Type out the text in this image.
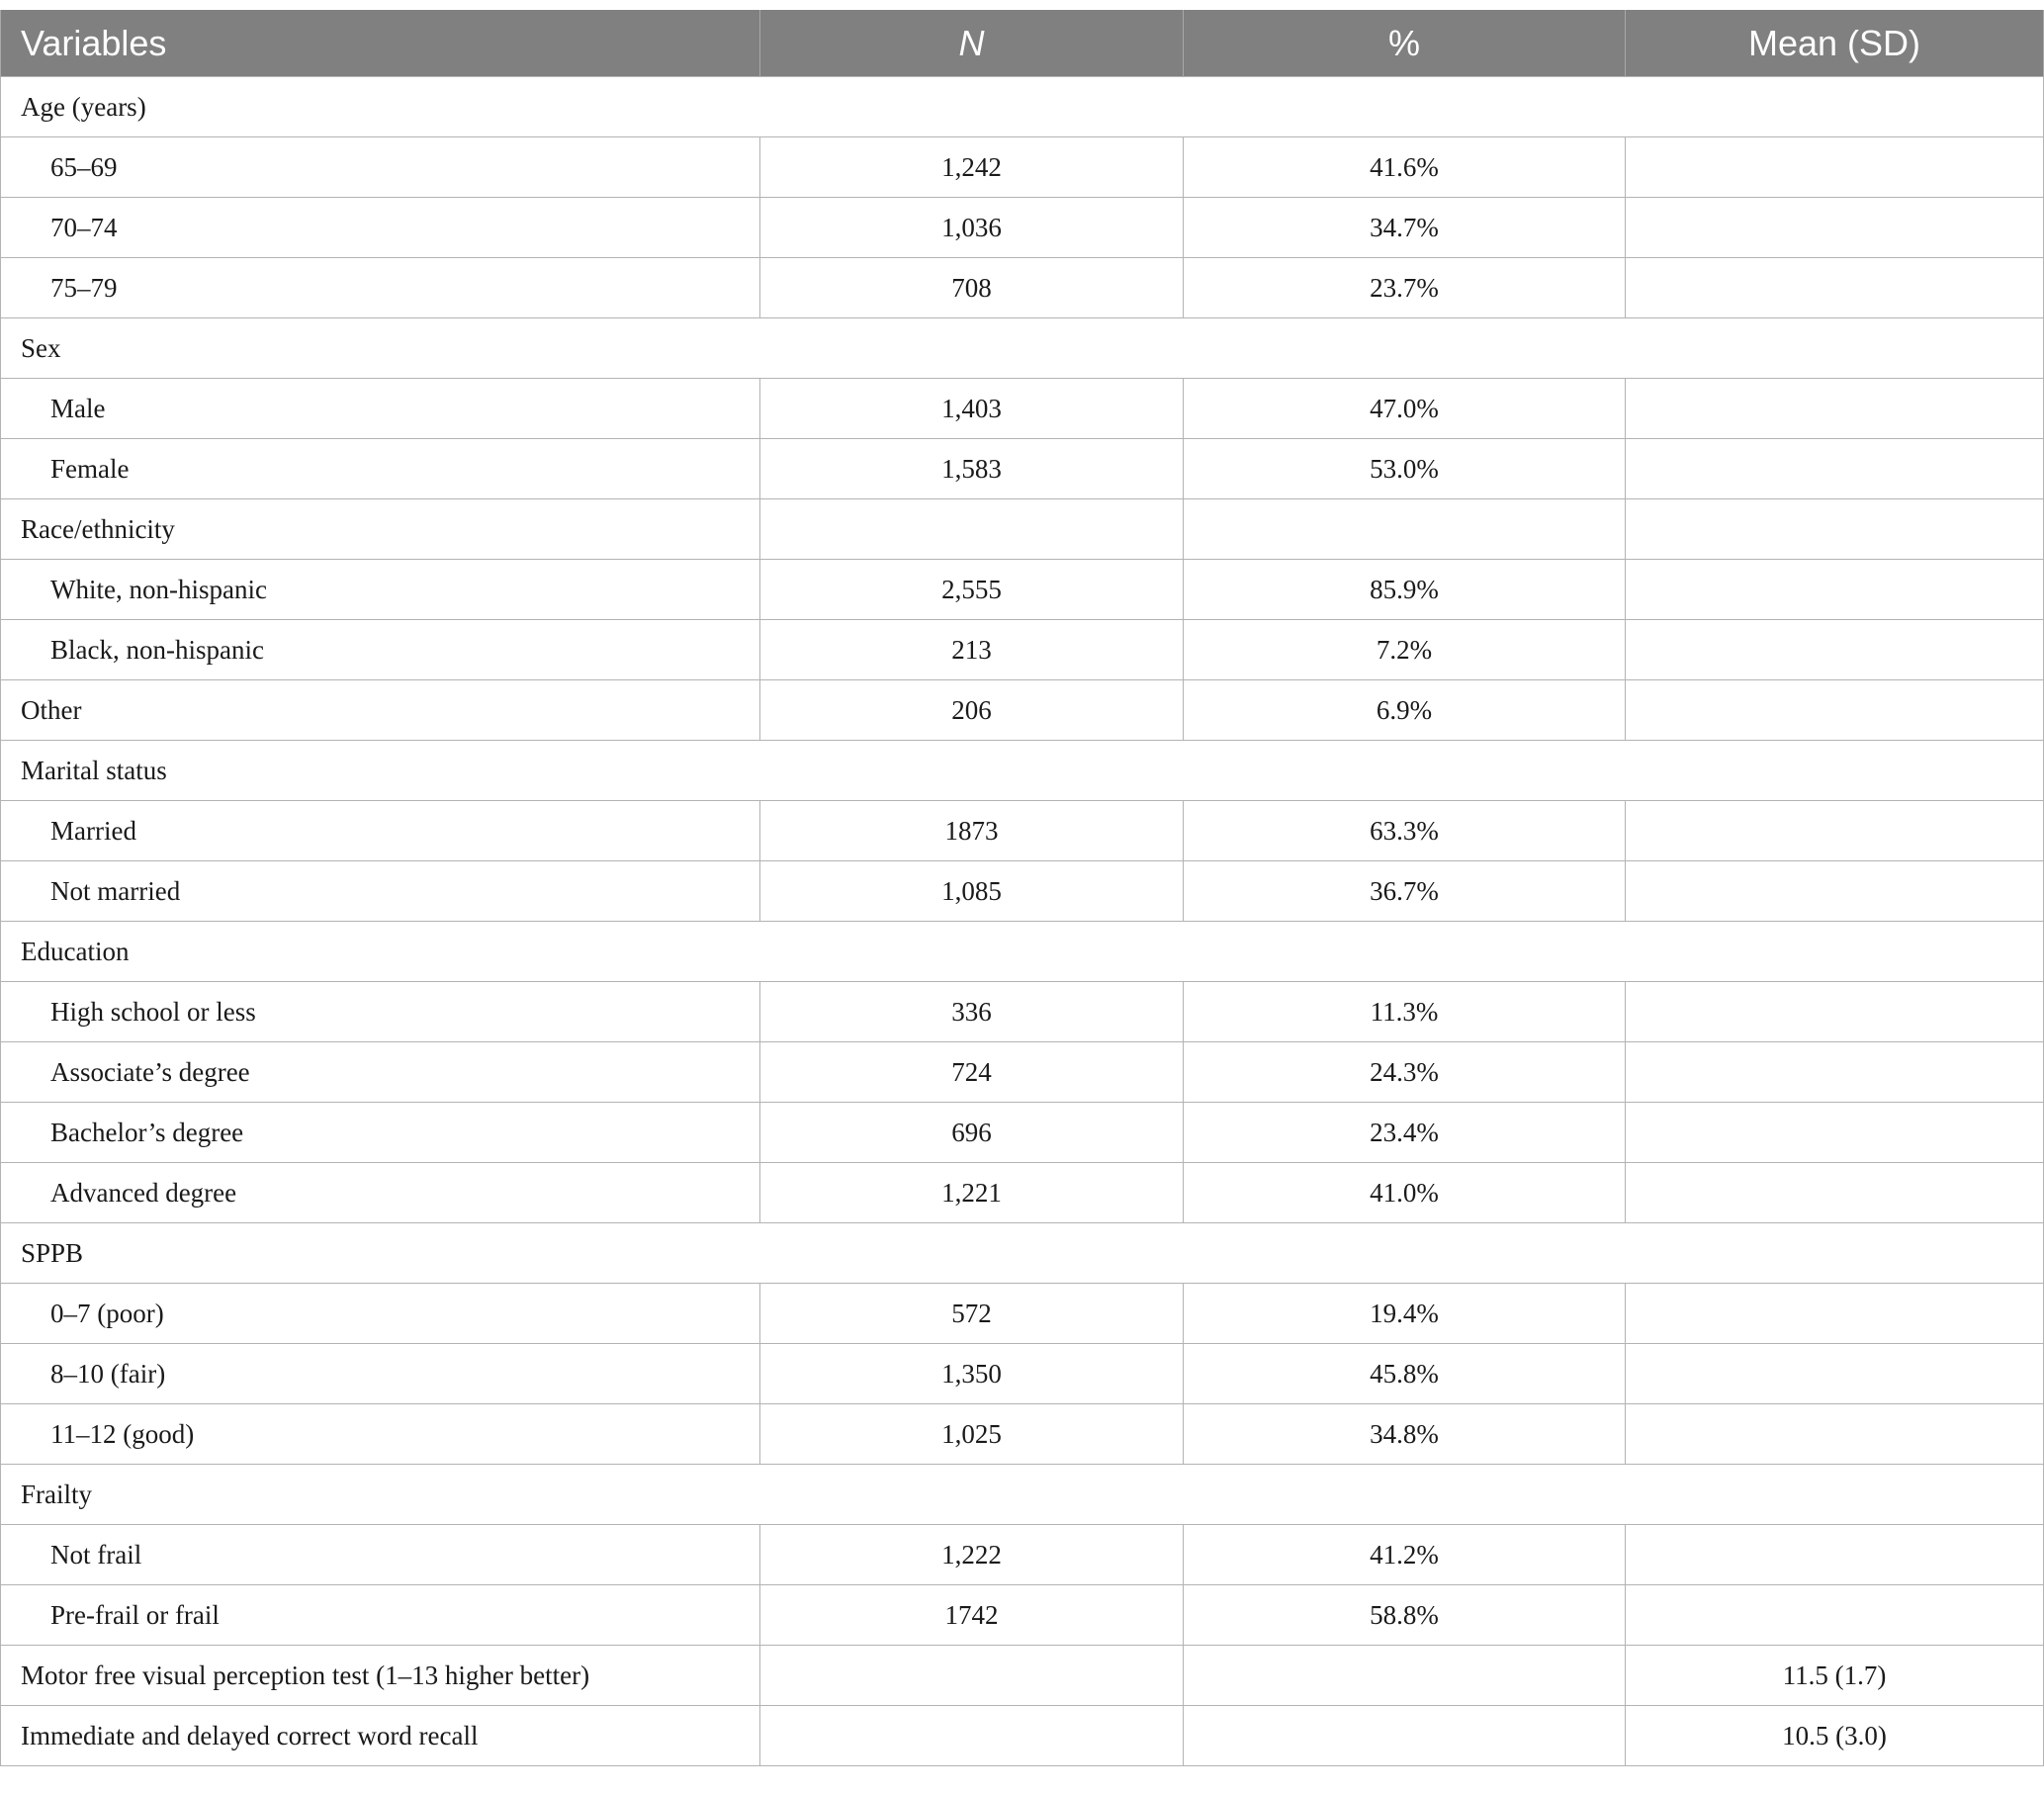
Variables	N	%	Mean (SD)
Age (years)			
65–69	1,242	41.6%	
70–74	1,036	34.7%	
75–79	708	23.7%	
Sex			
Male	1,403	47.0%	
Female	1,583	53.0%	
Race/ethnicity			
White, non-hispanic	2,555	85.9%	
Black, non-hispanic	213	7.2%	
Other	206	6.9%	
Marital status			
Married	1873	63.3%	
Not married	1,085	36.7%	
Education			
High school or less	336	11.3%	
Associate’s degree	724	24.3%	
Bachelor’s degree	696	23.4%	
Advanced degree	1,221	41.0%	
SPPB			
0–7 (poor)	572	19.4%	
8–10 (fair)	1,350	45.8%	
11–12 (good)	1,025	34.8%	
Frailty			
Not frail	1,222	41.2%	
Pre-frail or frail	1742	58.8%	
Motor free visual perception test (1–13 higher better)			11.5 (1.7)
Immediate and delayed correct word recall			10.5 (3.0)
